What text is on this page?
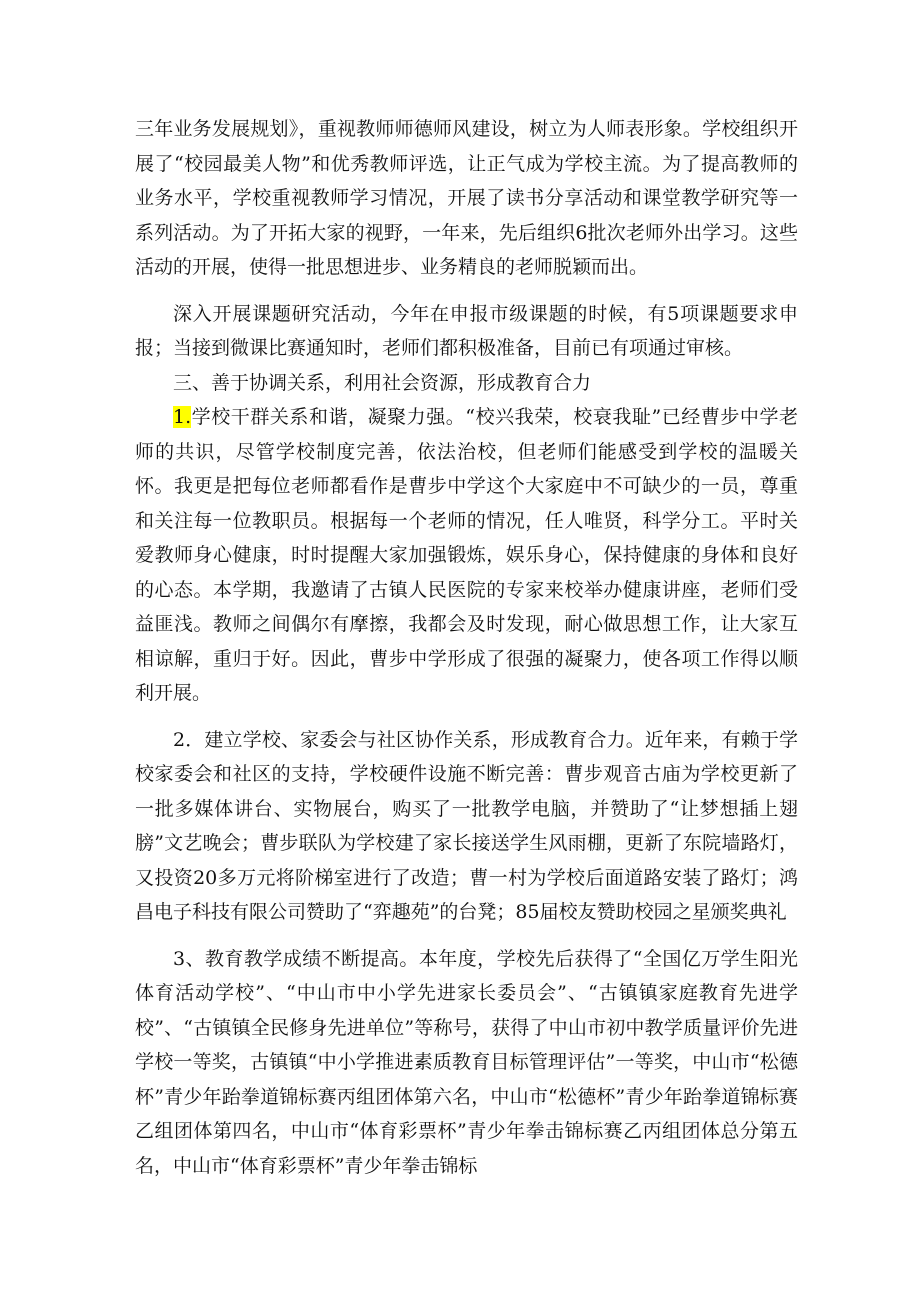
三年业务发展规划》，重视教师师德师风建设，树立为人师表形象。学校组织开展了“校园最美人物”和优秀教师评选，让正气成为学校主流。为了提高教师的业务水平，学校重视教师学习情况，开展了读书分享活动和课堂教学研究等一系列活动。为了开拓大家的视野，一年来，先后组织6批次老师外出学习。这些活动的开展，使得一批思想进步、业务精良的老师脱颖而出。

深入开展课题研究活动，今年在申报市级课题的时候，有5项课题要求申报；当接到微课比赛通知时，老师们都积极准备，目前已有项通过审核。

三、善于协调关系，利用社会资源，形成教育合力

1.学校干群关系和谐，凝聚力强。“校兴我荣，校衰我耻”已经曹步中学老师的共识，尽管学校制度完善，依法治校，但老师们能感受到学校的温暖关怀。我更是把每位老师都看作是曹步中学这个大家庭中不可缺少的一员，尊重和关注每一位教职员。根据每一个老师的情况，任人唯贤，科学分工。平时关爱教师身心健康，时时提醒大家加强锻炼，娱乐身心，保持健康的身体和良好的心态。本学期，我邀请了古镇人民医院的专家来校举办健康讲座，老师们受益匪浅。教师之间偶尔有摩擦，我都会及时发现，耐心做思想工作，让大家互相谅解，重归于好。因此，曹步中学形成了很强的凝聚力，使各项工作得以顺利开展。

2．建立学校、家委会与社区协作关系，形成教育合力。近年来，有赖于学校家委会和社区的支持，学校硬件设施不断完善：曹步观音古庙为学校更新了一批多媒体讲台、实物展台，购买了一批教学电脑，并赞助了“让梦想插上翅膀”文艺晚会；曹步联队为学校建了家长接送学生风雨棚，更新了东院墙路灯，又投资20多万元将阶梯室进行了改造；曹一村为学校后面道路安装了路灯；鸿昌电子科技有限公司赞助了“弈趣苑”的台凳；85届校友赞助校园之星颁奖典礼

3、教育教学成绩不断提高。本年度，学校先后获得了“全国亿万学生阳光体育活动学校”、“中山市中小学先进家长委员会”、“古镇镇家庭教育先进学校”、“古镇镇全民修身先进单位”等称号，获得了中山市初中教学质量评价先进学校一等奖，古镇镇“中小学推进素质教育目标管理评估”一等奖，中山市“松德杯”青少年跆拳道锦标赛丙组团体第六名，中山市“松德杯”青少年跆拳道锦标赛乙组团体第四名，中山市“体育彩票杯”青少年拳击锦标赛乙丙组团体总分第五名，中山市“体育彩票杯”青少年拳击锦标
